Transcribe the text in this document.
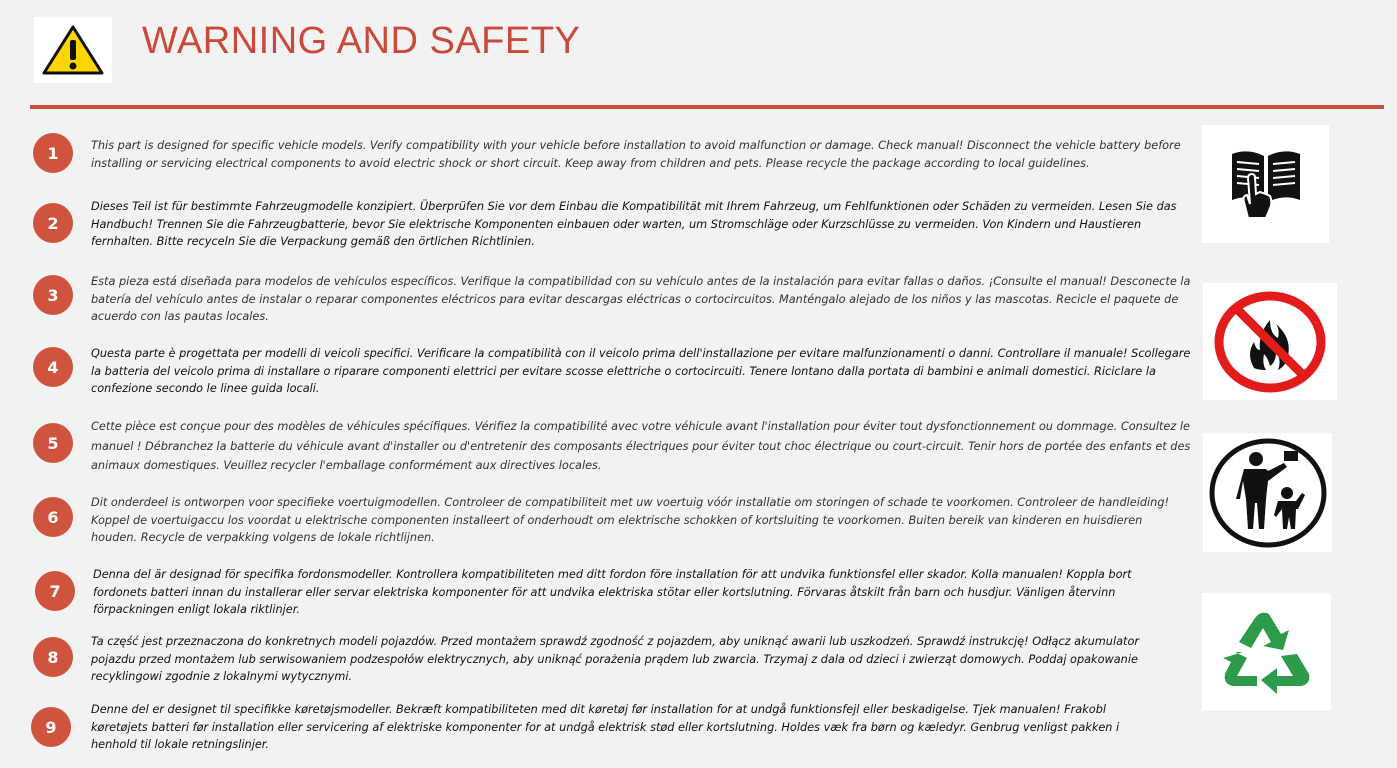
WARNING AND SAFETY
1	This part is designed for specific vehicle models. Verify compatibility with your vehicle before installation to avoid malfunction or damage. Check manual! Disconnect the vehicle battery before installing or servicing electrical components to avoid electric shock or short circuit. Keep away from children and pets. Please recycle the package according to local guidelines.
2
Dieses Teil ist für bestimmte Fahrzeugmodelle konzipiert. Überprüfen Sie vor dem Einbau die Kompatibilität mit Ihrem Fahrzeug, um Fehlfunktionen oder Schäden zu vermeiden. Lesen Sie das Handbuch! Trennen Sie die Fahrzeugbatterie, bevor Sie elektrische Komponenten einbauen oder warten, um Stromschläge oder Kurzschlüsse zu vermeiden. Von Kindern und Haustieren fernhalten. Bitte recyceln Sie die Verpackung gemäß den örtlichen Richtlinien.
3
Esta pieza está diseñada para modelos de vehículos específicos. Verifique la compatibilidad con su vehículo antes de la instalación para evitar fallas o daños. ¡Consulte el manual! Desconecte la batería del vehículo antes de instalar o reparar componentes eléctricos para evitar descargas eléctricas o cortocircuitos. Manténgalo alejado de los niños y las mascotas. Recicle el paquete de acuerdo con las pautas locales.
4
Questa parte è progettata per modelli di veicoli specifici. Verificare la compatibilità con il veicolo prima dell'installazione per evitare malfunzionamenti o danni. Controllare il manuale! Scollegare la batteria del veicolo prima di installare o riparare componenti elettrici per evitare scosse elettriche o cortocircuiti. Tenere lontano dalla portata di bambini e animali domestici. Riciclare la confezione secondo le linee guida locali.
5
Cette pièce est conçue pour des modèles de véhicules spécifiques. Vérifiez la compatibilité avec votre véhicule avant l'installation pour éviter tout dysfonctionnement ou dommage. Consultez le manuel ! Débranchez la batterie du véhicule avant d'installer ou d'entretenir des composants électriques pour éviter tout choc électrique ou court-circuit. Tenir hors de portée des enfants et des animaux domestiques. Veuillez recycler l'emballage conformément aux directives locales.
6
Dit onderdeel is ontworpen voor specifieke voertuigmodellen. Controleer de compatibiliteit met uw voertuig vóór installatie om storingen of schade te voorkomen. Controleer de handleiding! Koppel de voertuigaccu los voordat u elektrische componenten installeert of onderhoudt om elektrische schokken of kortsluiting te voorkomen. Buiten bereik van kinderen en huisdieren houden. Recycle de verpakking volgens de lokale richtlijnen.
7
Denna del är designad för specifika fordonsmodeller. Kontrollera kompatibiliteten med ditt fordon före installation för att undvika funktionsfel eller skador. Kolla manualen! Koppla bort fordonets batteri innan du installerar eller servar elektriska komponenter för att undvika elektriska stötar eller kortslutning. Förvaras åtskilt från barn och husdjur. Vänligen återvinn förpackningen enligt lokala riktlinjer.
8
Ta część jest przeznaczona do konkretnych modeli pojazdów. Przed montażem sprawdź zgodność z pojazdem, aby uniknąć awarii lub uszkodzeń. Sprawdź instrukcję! Odłącz akumulator pojazdu przed montażem lub serwisowaniem podzespołów elektrycznych, aby uniknąć porażenia prądem lub zwarcia. Trzymaj z dala od dzieci i zwierząt domowych. Poddaj opakowanie recyklingowi zgodnie z lokalnymi wytycznymi.
9
Denne del er designet til specifikke køretøjsmodeller. Bekræft kompatibiliteten med dit køretøj før installation for at undgå funktionsfejl eller beskadigelse. Tjek manualen! Frakobl køretøjets batteri før installation eller servicering af elektriske komponenter for at undgå elektrisk stød eller kortslutning. Holdes væk fra børn og kæledyr. Genbrug venligst pakken i henhold til lokale retningslinjer.
